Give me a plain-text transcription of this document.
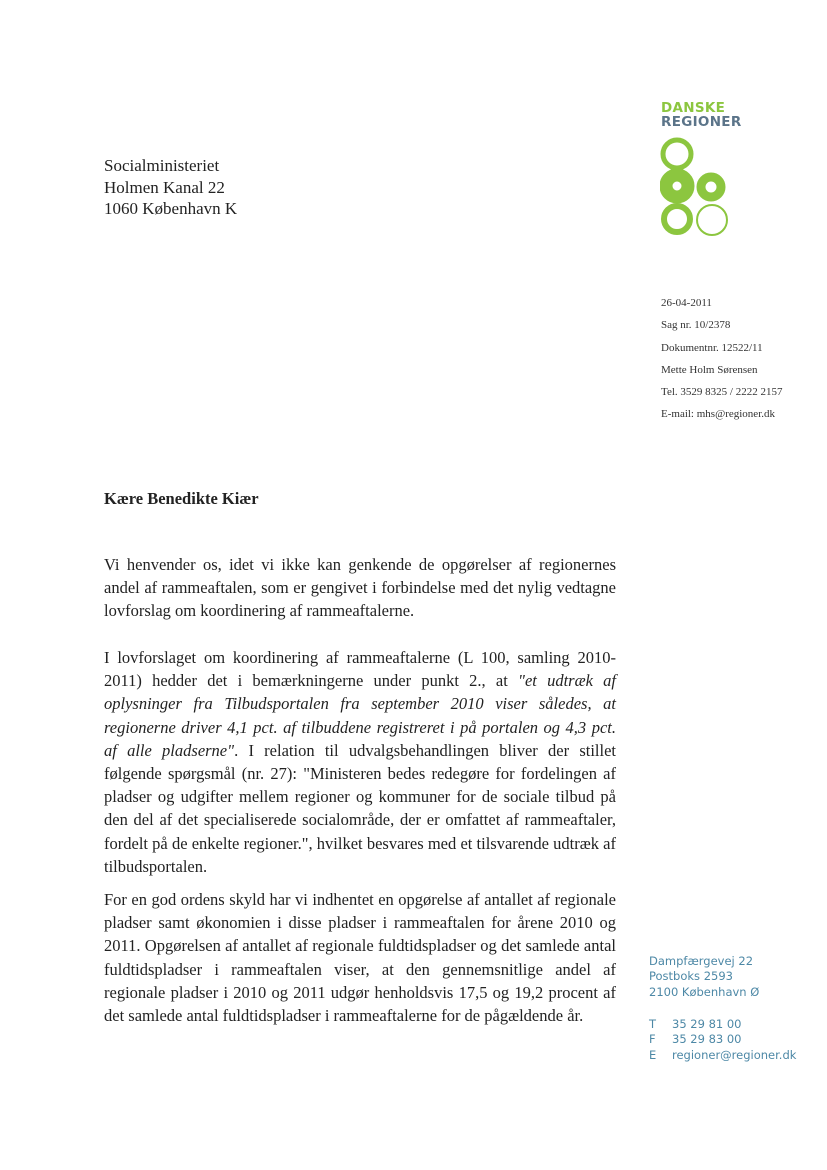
DANSKE
REGIONER
Socialministeriet
Holmen Kanal 22
1060 København K
26-04-2011
Sag nr. 10/2378
Dokumentnr. 12522/11
Mette Holm Sørensen
Tel. 3529 8325 / 2222 2157
E-mail: mhs@regioner.dk
Kære Benedikte Kiær
Vi henvender os, idet vi ikke kan genkende de opgørelser af regionernes andel af rammeaftalen, som er gengivet i forbindelse med det nylig vedtagne lovforslag om koordinering af rammeaftalerne.
I lovforslaget om koordinering af rammeaftalerne (L 100, samling 2010-2011) hedder det i bemærkningerne under punkt 2., at "et udtræk af oplysninger fra Tilbudsportalen fra september 2010 viser således, at regionerne driver 4,1 pct. af tilbuddene registreret i på portalen og 4,3 pct. af alle pladserne". I relation til udvalgsbehandlingen bliver der stillet følgende spørgsmål (nr. 27): "Ministeren bedes redegøre for fordelingen af pladser og udgifter mellem regioner og kommuner for de sociale tilbud på den del af det specialiserede socialområde, der er omfattet af rammeaftaler, fordelt på de enkelte regioner.", hvilket besvares med et tilsvarende udtræk af tilbudsportalen.
For en god ordens skyld har vi indhentet en opgørelse af antallet af regionale pladser samt økonomien i disse pladser i rammeaftalen for årene 2010 og 2011. Opgørelsen af antallet af regionale fuldtidspladser og det samlede antal fuldtidspladser i rammeaftalen viser, at den gennemsnitlige andel af regionale pladser i 2010 og 2011 udgør henholdsvis 17,5 og 19,2 procent af det samlede antal fuldtidspladser i rammeaftalerne for de pågældende år.
Dampfærgevej 22
Postboks 2593
2100 København Ø
T	35 29 81 00
F	35 29 83 00
E	regioner@regioner.dk
